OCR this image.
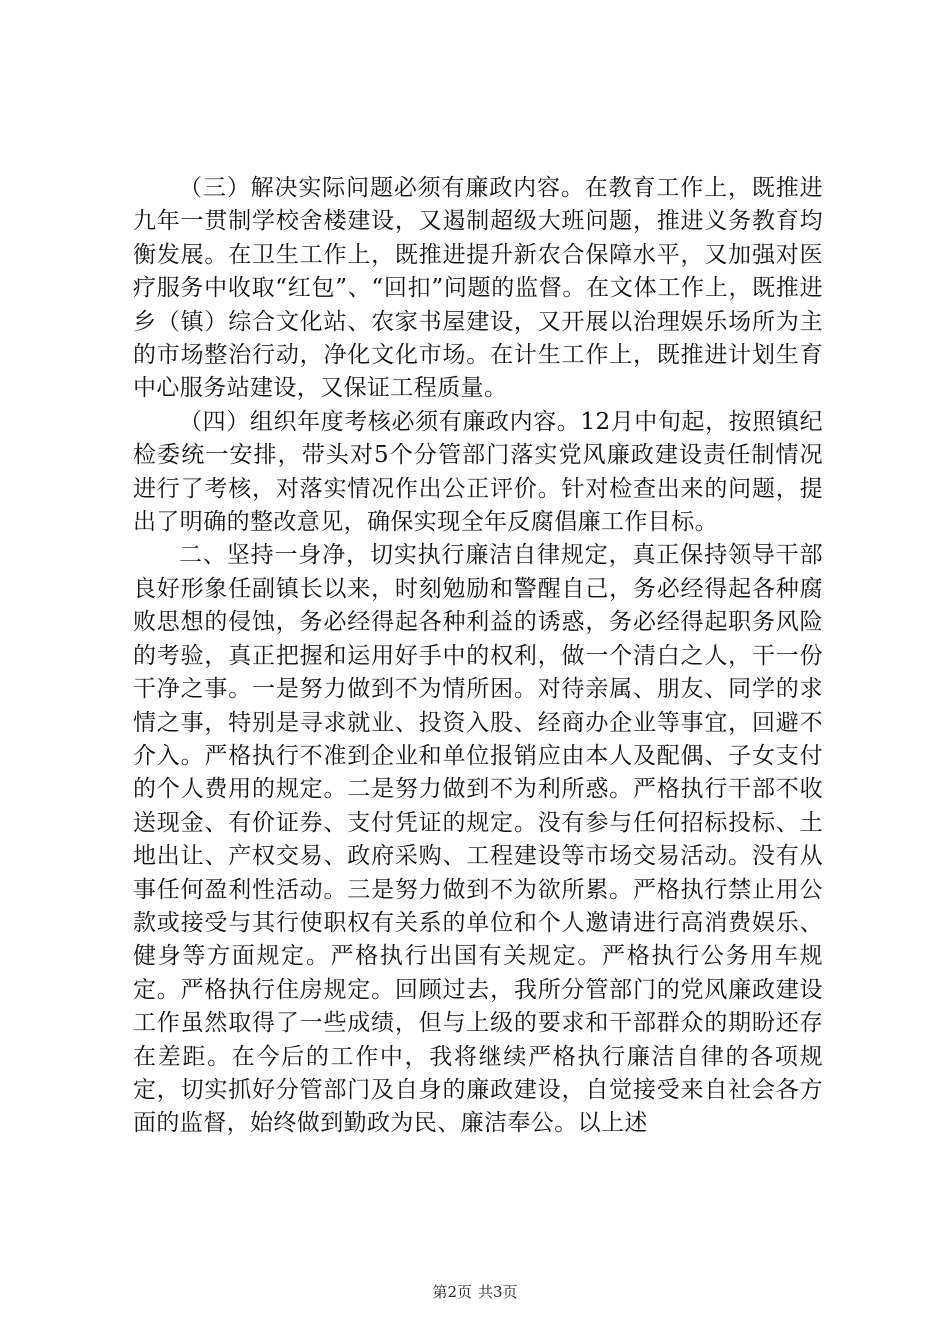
（三）解决实际问题必须有廉政内容。在教育工作上，既推进九年一贯制学校舍楼建设，又遏制超级大班问题，推进义务教育均衡发展。在卫生工作上，既推进提升新农合保障水平，又加强对医疗服务中收取“红包”、“回扣”问题的监督。在文体工作上，既推进乡（镇）综合文化站、农家书屋建设，又开展以治理娱乐场所为主的市场整治行动，净化文化市场。在计生工作上，既推进计划生育中心服务站建设，又保证工程质量。

（四）组织年度考核必须有廉政内容。12月中旬起，按照镇纪检委统一安排，带头对5个分管部门落实党风廉政建设责任制情况进行了考核，对落实情况作出公正评价。针对检查出来的问题，提出了明确的整改意见，确保实现全年反腐倡廉工作目标。

二、坚持一身净，切实执行廉洁自律规定，真正保持领导干部良好形象任副镇长以来，时刻勉励和警醒自己，务必经得起各种腐败思想的侵蚀，务必经得起各种利益的诱惑，务必经得起职务风险的考验，真正把握和运用好手中的权利，做一个清白之人，干一份干净之事。一是努力做到不为情所困。对待亲属、朋友、同学的求情之事，特别是寻求就业、投资入股、经商办企业等事宜，回避不介入。严格执行不准到企业和单位报销应由本人及配偶、子女支付的个人费用的规定。二是努力做到不为利所惑。严格执行干部不收送现金、有价证券、支付凭证的规定。没有参与任何招标投标、土地出让、产权交易、政府采购、工程建设等市场交易活动。没有从事任何盈利性活动。三是努力做到不为欲所累。严格执行禁止用公款或接受与其行使职权有关系的单位和个人邀请进行高消费娱乐、健身等方面规定。严格执行出国有关规定。严格执行公务用车规定。严格执行住房规定。回顾过去，我所分管部门的党风廉政建设工作虽然取得了一些成绩，但与上级的要求和干部群众的期盼还存在差距。在今后的工作中，我将继续严格执行廉洁自律的各项规定，切实抓好分管部门及自身的廉政建设，自觉接受来自社会各方面的监督，始终做到勤政为民、廉洁奉公。以上述

第2页 共3页
